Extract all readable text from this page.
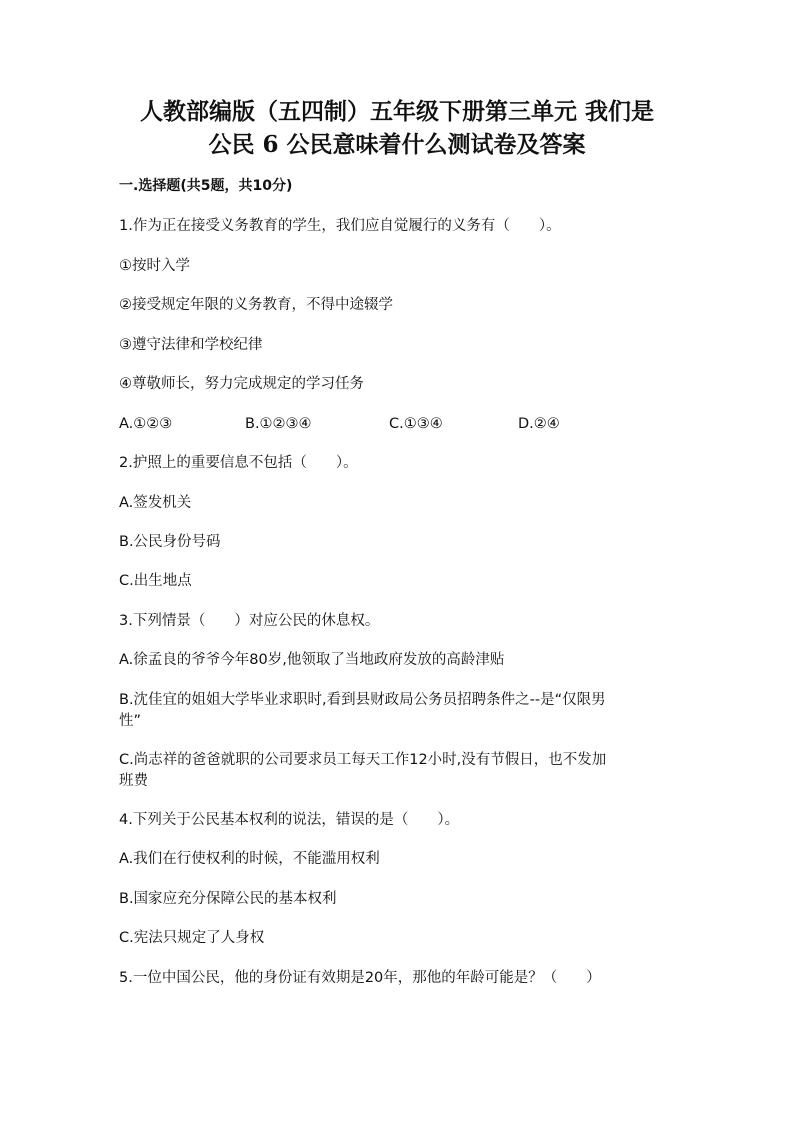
人教部编版（五四制）五年级下册第三单元 我们是
公民 6 公民意味着什么测试卷及答案
一.选择题(共5题，共10分)
1.作为正在接受义务教育的学生，我们应自觉履行的义务有（　　）。
①按时入学
②接受规定年限的义务教育，不得中途辍学
③遵守法律和学校纪律
④尊敬师长，努力完成规定的学习任务
A.①②③	B.①②③④	C.①③④	D.②④
2.护照上的重要信息不包括（　　）。
A.签发机关
B.公民身份号码
C.出生地点
3.下列情景（　　）对应公民的休息权。
A.徐孟良的爷爷今年80岁,他领取了当地政府发放的高龄津贴
B.沈佳宜的姐姐大学毕业求职时,看到县财政局公务员招聘条件之--是“仅限男
性”
C.尚志祥的爸爸就职的公司要求员工每天工作12小时,没有节假日，也不发加
班费
4.下列关于公民基本权利的说法，错误的是（　　）。
A.我们在行使权利的时候，不能滥用权利
B.国家应充分保障公民的基本权利
C.宪法只规定了人身权
5.一位中国公民，他的身份证有效期是20年，那他的年龄可能是？（　　）
